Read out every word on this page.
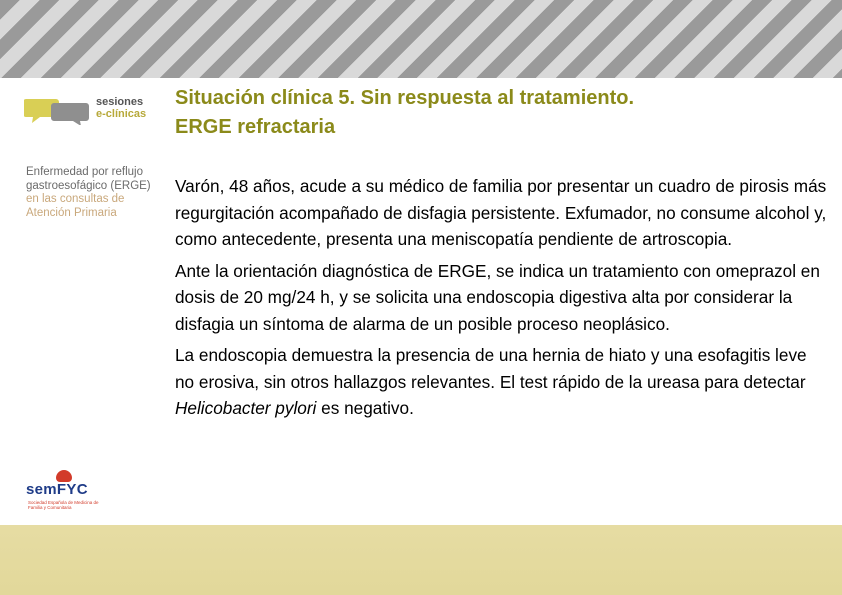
sesiones
e-clínicas
Enfermedad por reflujo
gastroesofágico (ERGE)
en las consultas de
Atención Primaria
semFYC
Sociedad Española de Medicina de Familia y Comunitaria
Situación clínica 5. Sin respuesta al tratamiento.
ERGE refractaria

Varón, 48 años, acude a su médico de familia por presentar un cuadro de pirosis más regurgitación acompañado de disfagia persistente. Exfumador, no consume alcohol y, como antecedente, presenta una meniscopatía pendiente de artroscopia.

Ante la orientación diagnóstica de ERGE, se indica un tratamiento con omeprazol en dosis de 20 mg/24 h, y se solicita una endoscopia digestiva alta por considerar la disfagia un síntoma de alarma de un posible proceso neoplásico.

La endoscopia demuestra la presencia de una hernia de hiato y una esofagitis leve no erosiva, sin otros hallazgos relevantes. El test rápido de la ureasa para detectar Helicobacter pylori es negativo.
